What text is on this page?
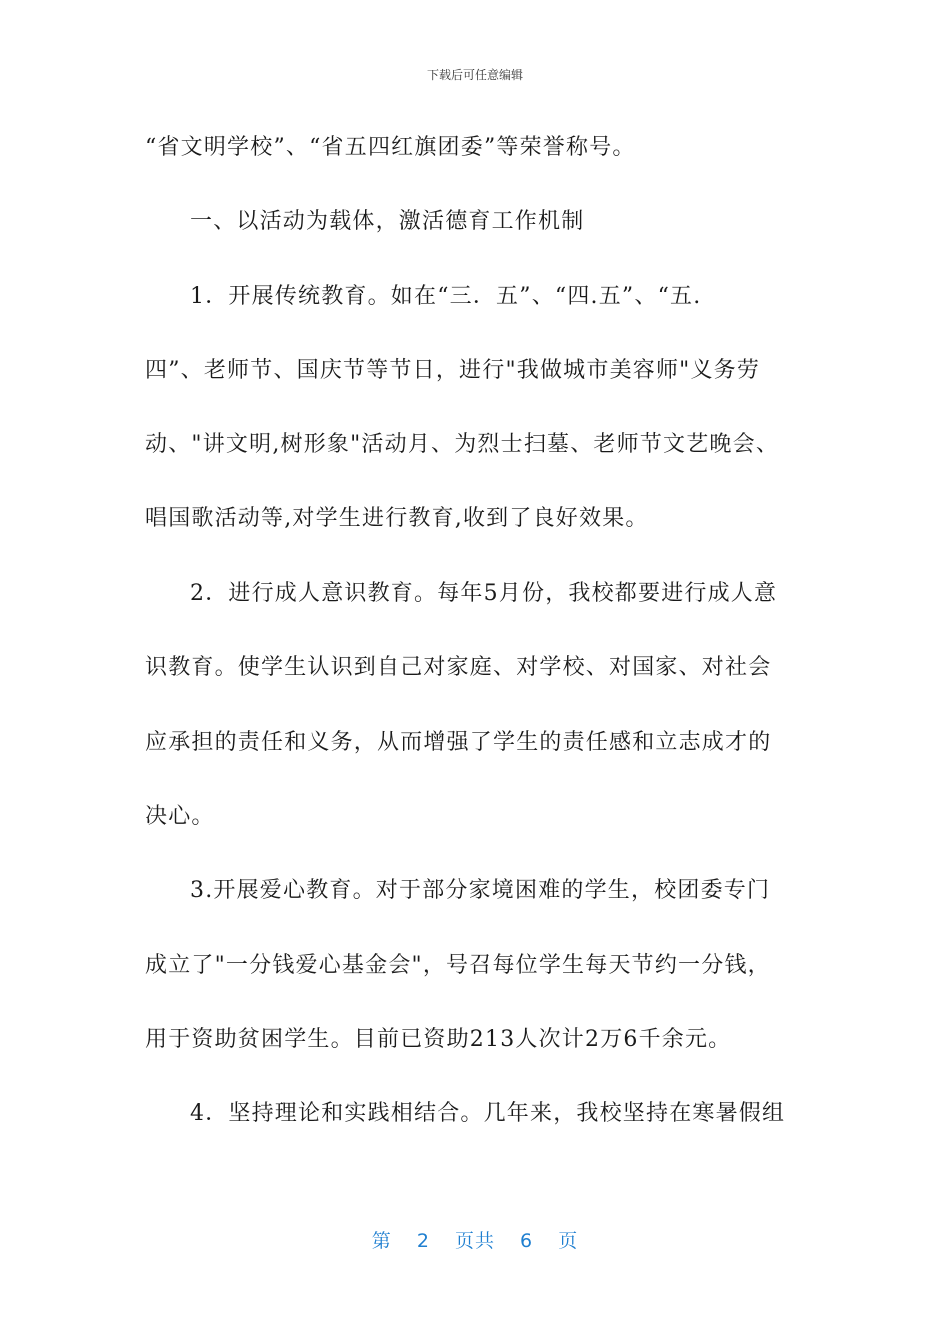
下载后可任意编辑
“省文明学校”、“省五四红旗团委”等荣誉称号。
一、以活动为载体，激活德育工作机制
1．开展传统教育。如在“三．五”、“四.五”、“五.
四”、老师节、国庆节等节日，进行"我做城市美容师"义务劳
动、"讲文明,树形象"活动月、为烈士扫墓、老师节文艺晚会、
唱国歌活动等,对学生进行教育,收到了良好效果。
2．进行成人意识教育。每年5月份，我校都要进行成人意
识教育。使学生认识到自己对家庭、对学校、对国家、对社会
应承担的责任和义务，从而增强了学生的责任感和立志成才的
决心。
3.开展爱心教育。对于部分家境困难的学生，校团委专门
成立了"一分钱爱心基金会"，号召每位学生每天节约一分钱，
用于资助贫困学生。目前已资助213人次计2万6千余元。
4．坚持理论和实践相结合。几年来，我校坚持在寒暑假组
第 2 页共 6 页
